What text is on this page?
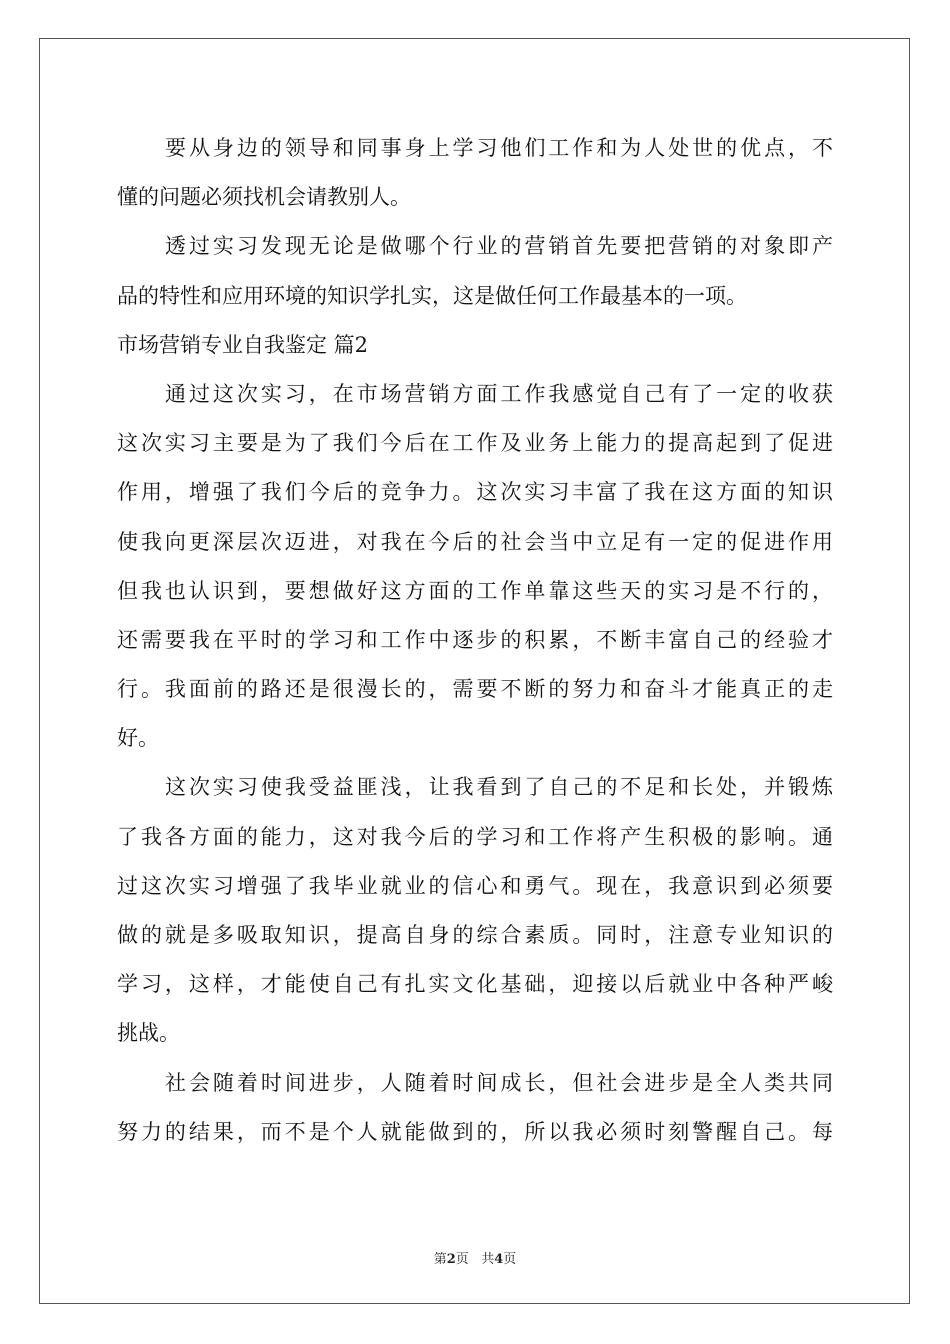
要从身边的领导和同事身上学习他们工作和为人处世的优点，不
懂的问题必须找机会请教别人。
透过实习发现无论是做哪个行业的营销首先要把营销的对象即产
品的特性和应用环境的知识学扎实，这是做任何工作最基本的一项。
市场营销专业自我鉴定 篇2
通过这次实习，在市场营销方面工作我感觉自己有了一定的收获
这次实习主要是为了我们今后在工作及业务上能力的提高起到了促进
作用，增强了我们今后的竞争力。这次实习丰富了我在这方面的知识
使我向更深层次迈进，对我在今后的社会当中立足有一定的促进作用
但我也认识到，要想做好这方面的工作单靠这些天的实习是不行的，
还需要我在平时的学习和工作中逐步的积累，不断丰富自己的经验才
行。我面前的路还是很漫长的，需要不断的努力和奋斗才能真正的走
好。
这次实习使我受益匪浅，让我看到了自己的不足和长处，并锻炼
了我各方面的能力，这对我今后的学习和工作将产生积极的影响。通
过这次实习增强了我毕业就业的信心和勇气。现在，我意识到必须要
做的就是多吸取知识，提高自身的综合素质。同时，注意专业知识的
学习，这样，才能使自己有扎实文化基础，迎接以后就业中各种严峻
挑战。
社会随着时间进步，人随着时间成长，但社会进步是全人类共同
努力的结果，而不是个人就能做到的，所以我必须时刻警醒自己。每
第2页 共4页
